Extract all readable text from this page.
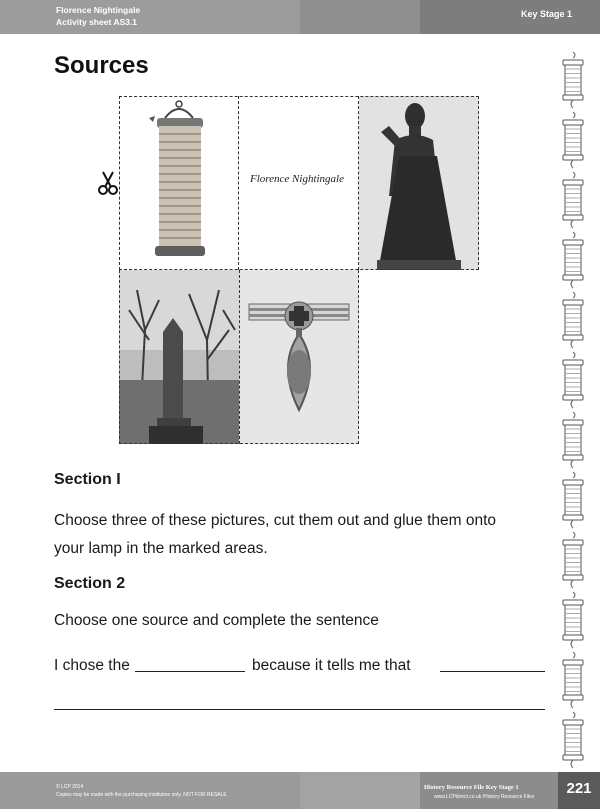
Florence Nightingale
Activity sheet AS3.1
Key Stage 1
Sources
Florence Nightingale
Section I

Choose three of these pictures, cut them out and glue them onto

your lamp in the marked areas.

Section 2

Choose one source and complete the sentence

I chose the	because it tells me that

© LCP 2014
Copies may be made with the purchasing institution only. NOT FOR RESALE
History Resource File Key Stage 1
www.LCPdirect.co.uk /History Resource Files	221
